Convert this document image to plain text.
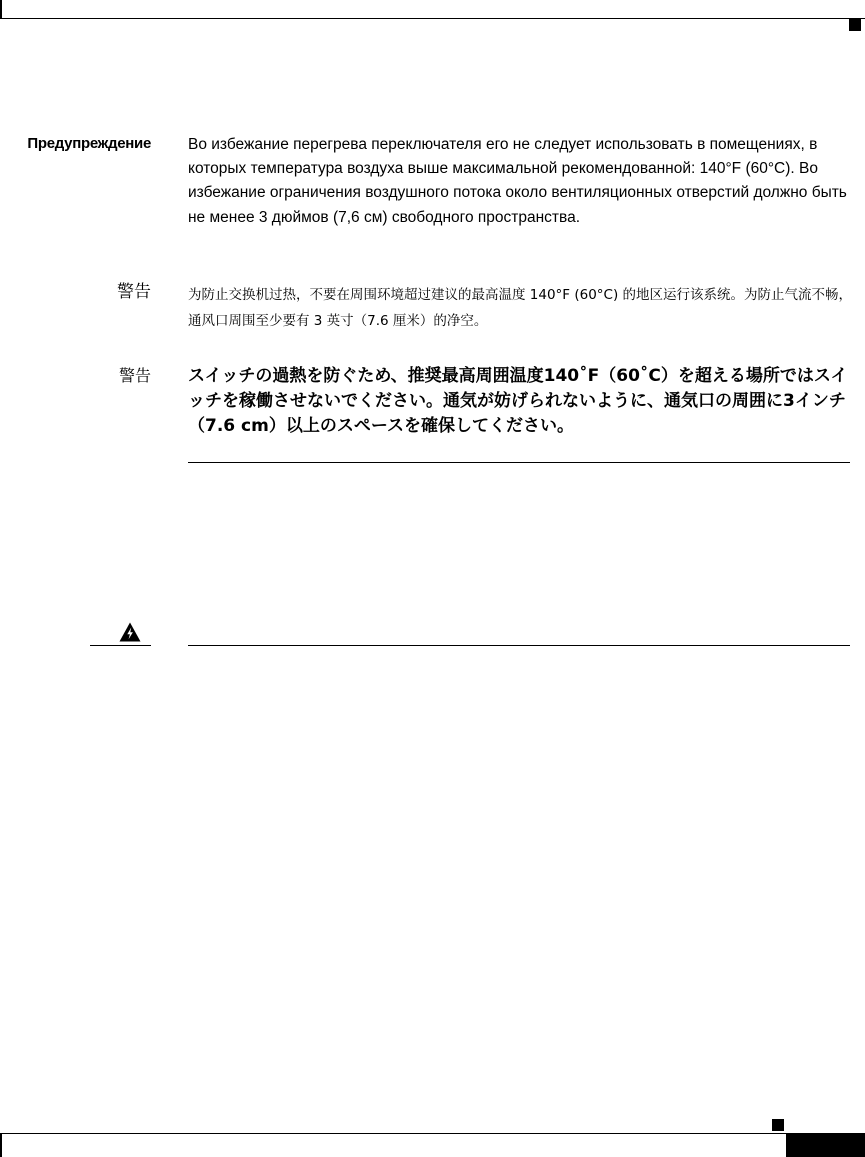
Предупреждение Во избежание перегрева переключателя его не следует использовать в помещениях, в которых температура воздуха выше максимальной рекомендованной: 140°F (60°C). Во избежание ограничения воздушного потока около вентиляционных отверстий должно быть не менее 3 дюймов (7,6 см) свободного пространства.

警告	为防止交换机过热，不要在周围环境超过建议的最高温度 140°F (60°C) 的地区运行该系统。为防止气流不畅，通风口周围至少要有 3 英寸（7.6 厘米）的净空。

警告 スイッチの過熱を防ぐため、推奨最高周囲温度140˚F（60˚C）を超える場所ではスイッチを稼働させないでください。通気が妨げられないように、通気口の周囲に3インチ（7.6 cm）以上のスペースを確保してください。
